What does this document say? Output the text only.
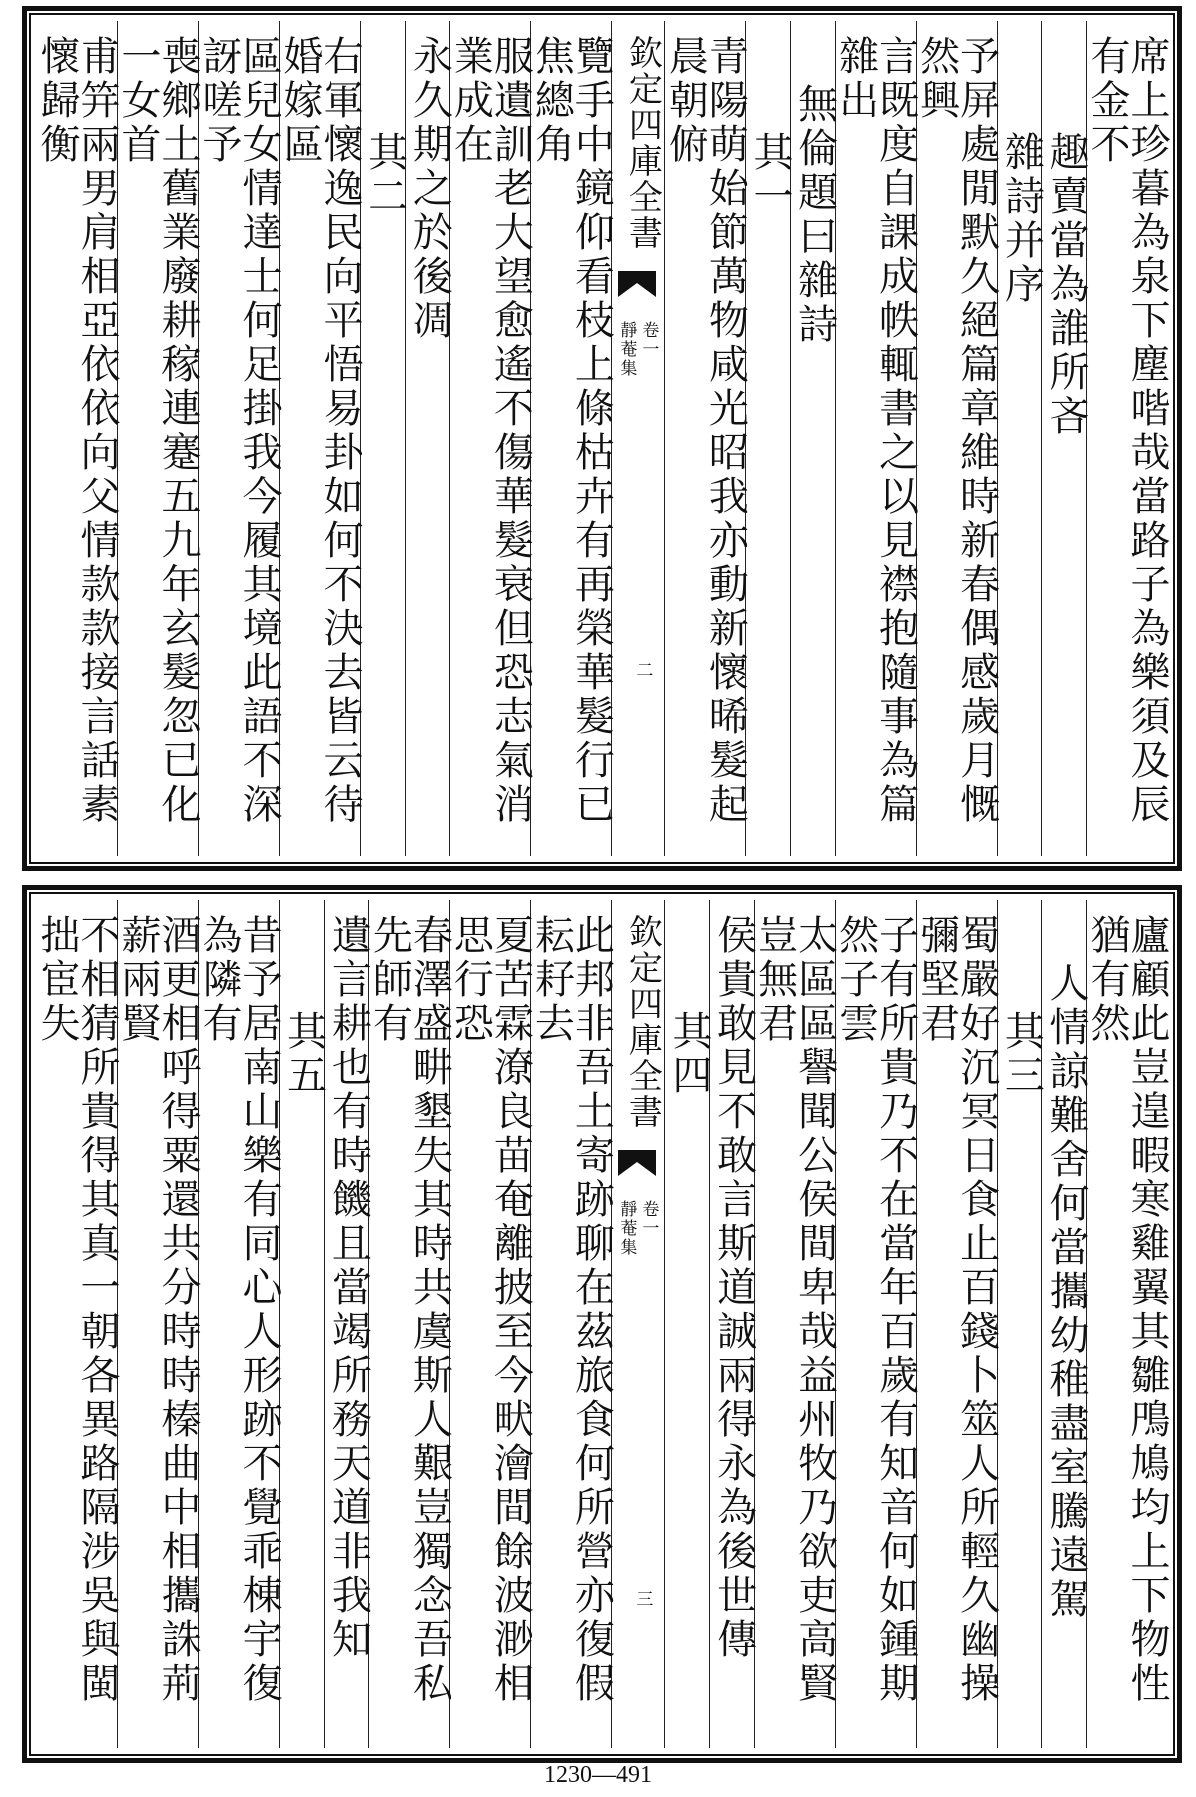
席上珍暮為泉下塵喈哉當路子為樂須及辰有金不
趣賣當為誰所吝
雜詩并序
予屏處閒默久絕篇章維時新春偶感歲月慨然興
言既度自課成帙輒書之以見襟抱隨事為篇雜出
無倫題曰雜詩
其一
青陽萌始節萬物咸光昭我亦動新懷晞髮起晨朝俯
欽定四庫全書
靜菴集 卷一
二
覽手中鏡仰看枝上條枯卉有再榮華髮行已焦總角
服遺訓老大望愈遙不傷華髮衰但恐志氣消業成在
永久期之於後凋
其二
右軍懷逸民向平悟易卦如何不決去皆云待婚嫁區
區兒女情達士何足掛我今履其境此語不深訝嗟予
喪鄉土舊業廢耕稼連蹇五九年玄髮忽已化一女首
甫笄兩男肩相亞依依向父情款款接言話素懷歸衡
廬顧此豈遑暇寒雞翼其雛鳲鳩均上下物性猶有然
人情諒難舍何當攜幼稚盡室騰遠駕
其三
蜀嚴好沉冥日食止百錢卜筮人所輕久幽操彌堅君
子有所貴乃不在當年百歲有知音何如鍾期然子雲
太區區譽聞公侯間卑哉益州牧乃欲吏高賢豈無君
侯貴敢見不敢言斯道誠兩得永為後世傳
其四
欽定四庫全書
靜菴集 卷一
三
此邦非吾土寄跡聊在茲旅食何所營亦復假耘耔去
夏苦霖潦良苗奄離披至今畎澮間餘波渺相思行恐
春澤盛畊墾失其時共虞斯人艱豈獨念吾私先師有
遺言耕也有時饑且當竭所務天道非我知
其五
昔予居南山樂有同心人形跡不覺乖棟宇復為隣有
酒更相呼得粟還共分時時榛曲中相攜誅荊薪兩賢
不相猜所貴得其真一朝各異路隔涉吳與閩拙宦失
1230—491
